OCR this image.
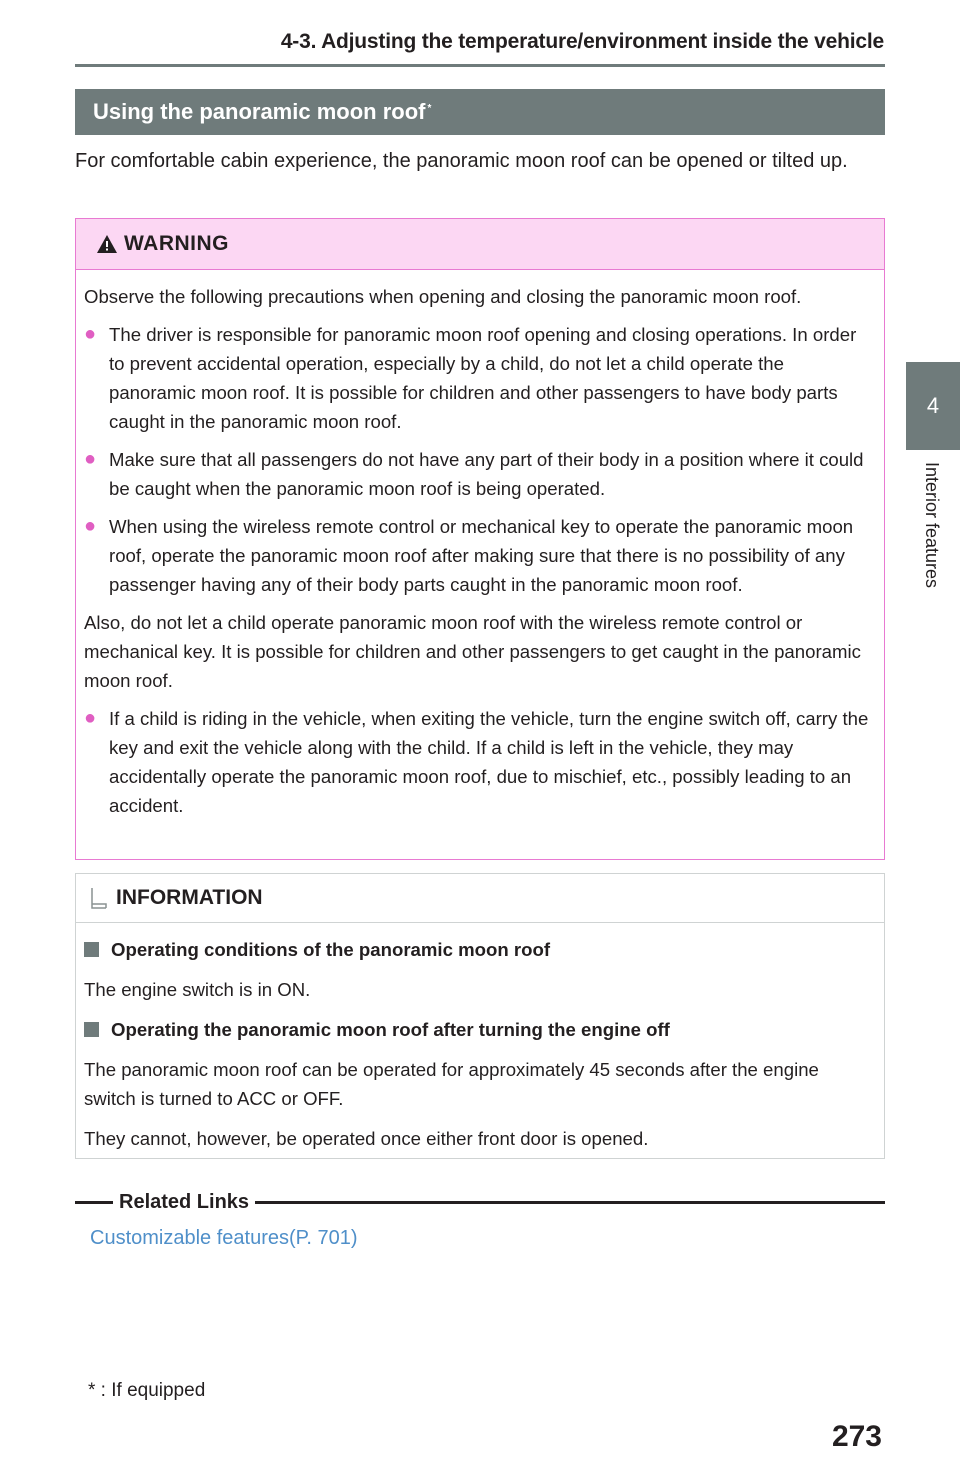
4-3. Adjusting the temperature/environment inside the vehicle
4
Interior features
Using the panoramic moon roof*
For comfortable cabin experience, the panoramic moon roof can be opened or tilted up.
WARNING

Observe the following precautions when opening and closing the panoramic moon roof.

● The driver is responsible for panoramic moon roof opening and closing operations. In order to prevent accidental operation, especially by a child, do not let a child operate the panoramic moon roof. It is possible for children and other passengers to have body parts caught in the panoramic moon roof.
● Make sure that all passengers do not have any part of their body in a position where it could be caught when the panoramic moon roof is being operated.
● When using the wireless remote control or mechanical key to operate the panoramic moon roof, operate the panoramic moon roof after making sure that there is no possibility of any passenger having any of their body parts caught in the panoramic moon roof.

Also, do not let a child operate panoramic moon roof with the wireless remote control or mechanical key. It is possible for children and other passengers to get caught in the panoramic moon roof.

● If a child is riding in the vehicle, when exiting the vehicle, turn the engine switch off, carry the key and exit the vehicle along with the child. If a child is left in the vehicle, they may accidentally operate the panoramic moon roof, due to mischief, etc., possibly leading to an accident.
INFORMATION
Operating conditions of the panoramic moon roof

The engine switch is in ON.

Operating the panoramic moon roof after turning the engine off

The panoramic moon roof can be operated for approximately 45 seconds after the engine switch is turned to ACC or OFF.

They cannot, however, be operated once either front door is opened.

Related Links
Customizable features(P. 701)
* : If equipped
273
